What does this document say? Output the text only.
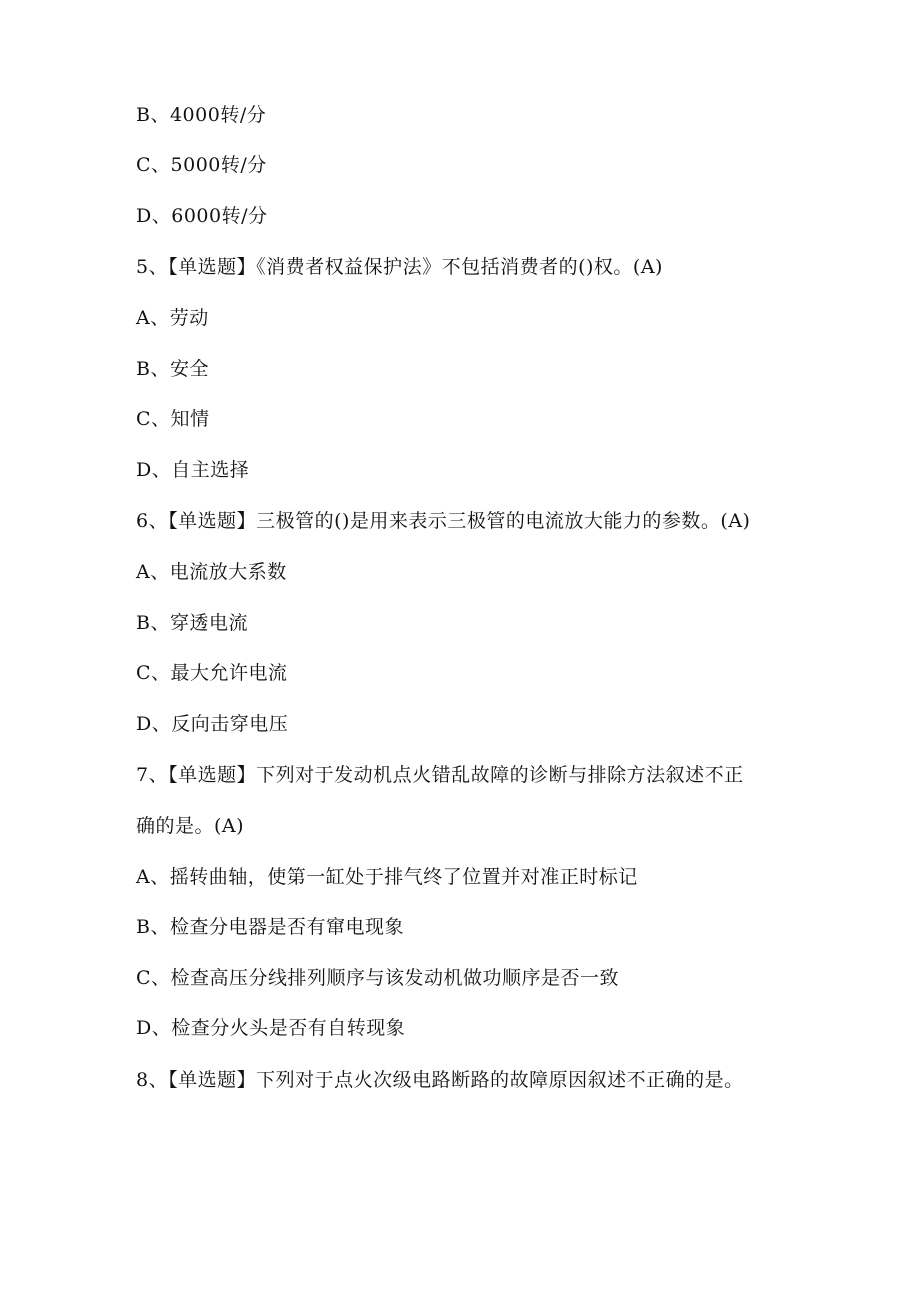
B、4000转/分
C、5000转/分
D、6000转/分
5、【单选题】《消费者权益保护法》不包括消费者的()权。(A)
A、劳动
B、安全
C、知情
D、自主选择
6、【单选题】三极管的()是用来表示三极管的电流放大能力的参数。(A)
A、电流放大系数
B、穿透电流
C、最大允许电流
D、反向击穿电压
7、【单选题】下列对于发动机点火错乱故障的诊断与排除方法叙述不正
确的是。(A)
A、摇转曲轴，使第一缸处于排气终了位置并对准正时标记
B、检查分电器是否有窜电现象
C、检查高压分线排列顺序与该发动机做功顺序是否一致
D、检查分火头是否有自转现象
8、【单选题】下列对于点火次级电路断路的故障原因叙述不正确的是。
